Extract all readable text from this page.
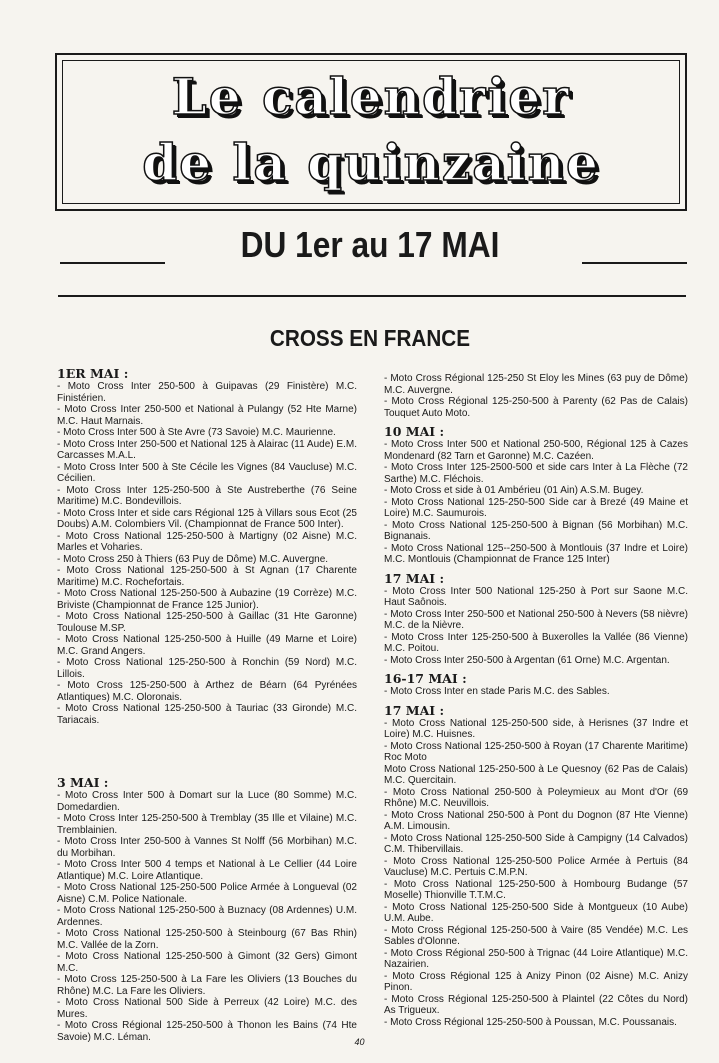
Le calendrier
de la quinzaine
DU 1er au 17 MAI
CROSS EN FRANCE
1ER MAI :

- Moto Cross Inter 250-500 à Guipavas (29 Finistère) M.C. Finistérien.

- Moto Cross Inter 250-500 et National à Pulangy (52 Hte Marne) M.C. Haut Marnais.

- Moto Cross Inter 500 à Ste Avre (73 Savoie) M.C. Maurienne.

- Moto Cross Inter 250-500 et National 125 à Alairac (11 Aude) E.M. Carcasses M.A.L.

- Moto Cross Inter 500 à Ste Cécile les Vignes (84 Vaucluse) M.C. Cécilien.

- Moto Cross Inter 125-250-500 à Ste Austreberthe (76 Seine Maritime) M.C. Bondevillois.

- Moto Cross Inter et side cars Régional 125 à Villars sous Ecot (25 Doubs) A.M. Colombiers Vil. (Championnat de France 500 Inter).

- Moto Cross National 125-250-500 à Martigny (02 Aisne) M.C. Marles et Voharies.

- Moto Cross 250 à Thiers (63 Puy de Dôme) M.C. Auvergne.

- Moto Cross National 125-250-500 à St Agnan (17 Charente Maritime) M.C. Rochefortais.

- Moto Cross National 125-250-500 à Aubazine (19 Corrèze) M.C. Briviste (Championnat de France 125 Junior).

- Moto Cross National 125-250-500 à Gaillac (31 Hte Garonne) Toulouse M.SP.

- Moto Cross National 125-250-500 à Huille (49 Marne et Loire) M.C. Grand Angers.

- Moto Cross National 125-250-500 à Ronchin (59 Nord) M.C. Lillois.

- Moto Cross 125-250-500 à Arthez de Béarn (64 Pyrénées Atlantiques) M.C. Oloronais.

- Moto Cross National 125-250-500 à Tauriac (33 Gironde) M.C. Tariacais.

3 MAI :

- Moto Cross Inter 500 à Domart sur la Luce (80 Somme) M.C. Domedardien.

- Moto Cross Inter 125-250-500 à Tremblay (35 Ille et Vilaine) M.C. Tremblainien.

- Moto Cross Inter 250-500 à Vannes St Nolff (56 Morbihan) M.C. du Morbihan.

- Moto Cross Inter 500 4 temps et National à Le Cellier (44 Loire Atlantique) M.C. Loire Atlantique.

- Moto Cross National 125-250-500 Police Armée à Longueval (02 Aisne) C.M. Police Nationale.

- Moto Cross National 125-250-500 à Buznacy (08 Ardennes) U.M. Ardennes.

- Moto Cross National 125-250-500 à Steinbourg (67 Bas Rhin) M.C. Vallée de la Zorn.

- Moto Cross National 125-250-500 à Gimont (32 Gers) Gimont M.C.

- Moto Cross 125-250-500 à La Fare les Oliviers (13 Bouches du Rhône) M.C. La Fare les Oliviers.

- Moto Cross National 500 Side à Perreux (42 Loire) M.C. des Mures.

- Moto Cross Régional 125-250-500 à Thonon les Bains (74 Hte Savoie) M.C. Léman.

- Moto Cross Régional 125-250 St Eloy les Mines (63 puy de Dôme) M.C. Auvergne.

- Moto Cross Régional 125-250-500 à Parenty (62 Pas de Calais) Touquet Auto Moto.

10 MAI :

- Moto Cross Inter 500 et National 250-500, Régional 125 à Cazes Mondenard (82 Tarn et Garonne) M.C. Cazéen.

- Moto Cross Inter 125-2500-500 et side cars Inter à La Flèche (72 Sarthe) M.C. Fléchois.

- Moto Cross et side à 01 Ambérieu (01 Ain) A.S.M. Bugey.

- Moto Cross National 125-250-500 Side car à Brezé (49 Maine et Loire) M.C. Saumurois.

- Moto Cross National 125-250-500 à Bignan (56 Morbihan) M.C. Bignanais.

- Moto Cross National 125--250-500 à Montlouis (37 Indre et Loire) M.C. Montlouis (Championnat de France 125 Inter)

17 MAI :

- Moto Cross Inter 500 National 125-250 à Port sur Saone M.C. Haut Saônois.

- Moto Cross Inter 250-500 et National 250-500 à Nevers (58 nièvre) M.C. de la Nièvre.

- Moto Cross Inter 125-250-500 à Buxerolles la Vallée (86 Vienne) M.C. Poitou.

- Moto Cross Inter 250-500 à Argentan (61 Orne) M.C. Argentan.

16-17 MAI :

- Moto Cross Inter en stade Paris M.C. des Sables.

17 MAI :

- Moto Cross National 125-250-500 side, à Herisnes (37 Indre et Loire) M.C. Huisnes.

- Moto Cross National 125-250-500 à Royan (17 Charente Maritime) Roc Moto

Moto Cross National 125-250-500 à Le Quesnoy (62 Pas de Calais) M.C. Quercitain.

- Moto Cross National 250-500 à Poleymieux au Mont d'Or (69 Rhône) M.C. Neuvillois.

- Moto Cross National 250-500 à Pont du Dognon (87 Hte Vienne) A.M. Limousin.

- Moto Cross National 125-250-500 Side à Campigny (14 Calvados) C.M. Thibervillais.

- Moto Cross National 125-250-500 Police Armée à Pertuis (84 Vaucluse) M.C. Pertuis C.M.P.N.

- Moto Cross National 125-250-500 à Hombourg Budange (57 Moselle) Thionville T.T.M.C.

- Moto Cross National 125-250-500 Side à Montgueux (10 Aube) U.M. Aube.

- Moto Cross Régional 125-250-500 à Vaire (85 Vendée) M.C. Les Sables d'Olonne.

- Moto Cross Régional 250-500 à Trignac (44 Loire Atlantique) M.C. Nazairien.

- Moto Cross Régional 125 à Anizy Pinon (02 Aisne) M.C. Anizy Pinon.

- Moto Cross Régional 125-250-500 à Plaintel (22 Côtes du Nord) As Trigueux.

- Moto Cross Régional 125-250-500 à Poussan, M.C. Poussanais.

40
